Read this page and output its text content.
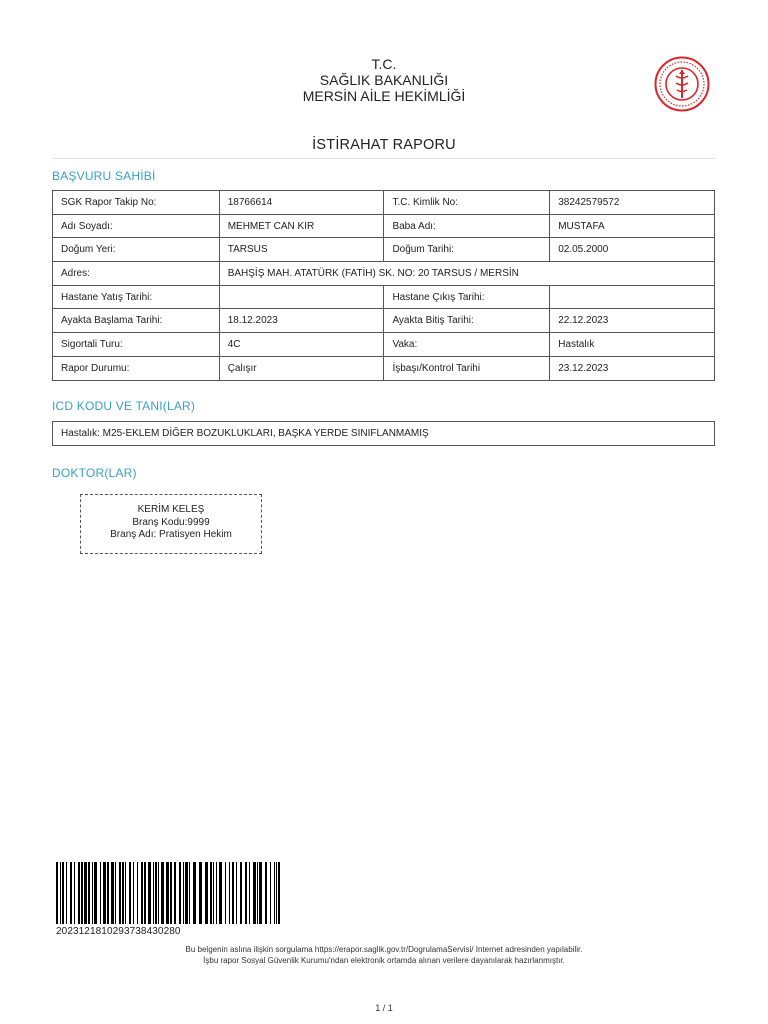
T.C.
SAĞLIK BAKANLIĞI
MERSİN AİLE HEKİMLİĞİ
İSTİRAHAT RAPORU
BAŞVURU SAHİBİ
SGK Rapor Takip No:	18766614	T.C. Kimlik No:	38242579572
Adı Soyadı:	MEHMET CAN KIR	Baba Adı:	MUSTAFA
Doğum Yeri:	TARSUS	Doğum Tarihi:	02.05.2000
Adres:	BAHŞİŞ MAH. ATATÜRK (FATİH) SK. NO: 20 TARSUS / MERSİN		
Hastane Yatış Tarihi:		Hastane Çıkış Tarihi:	
Ayakta Başlama Tarihi:	18.12.2023	Ayakta Bitiş Tarihi:	22.12.2023
Sigortali Turu:	4C	Vaka:	Hastalık
Rapor Durumu:	Çalışır	İşbaşı/Kontrol Tarihi	23.12.2023
ICD KODU VE TANI(LAR)
Hastalık: M25-EKLEM DİĞER BOZUKLUKLARI, BAŞKA YERDE SINIFLANMAMIŞ
DOKTOR(LAR)
KERİM KELEŞ
Branş Kodu:9999
Branş Adı: Pratisyen Hekim
20231218102937384302​80
Bu belgenin aslına ilişkin sorgulama https://erapor.saglik.gov.tr/DogrulamaServisi/ Internet adresinden yapılabilir.
İşbu rapor Sosyal Güvenlik Kurumu'ndan elektronik ortamda alınan verilere dayanılarak hazırlanmıştır.
1 / 1
